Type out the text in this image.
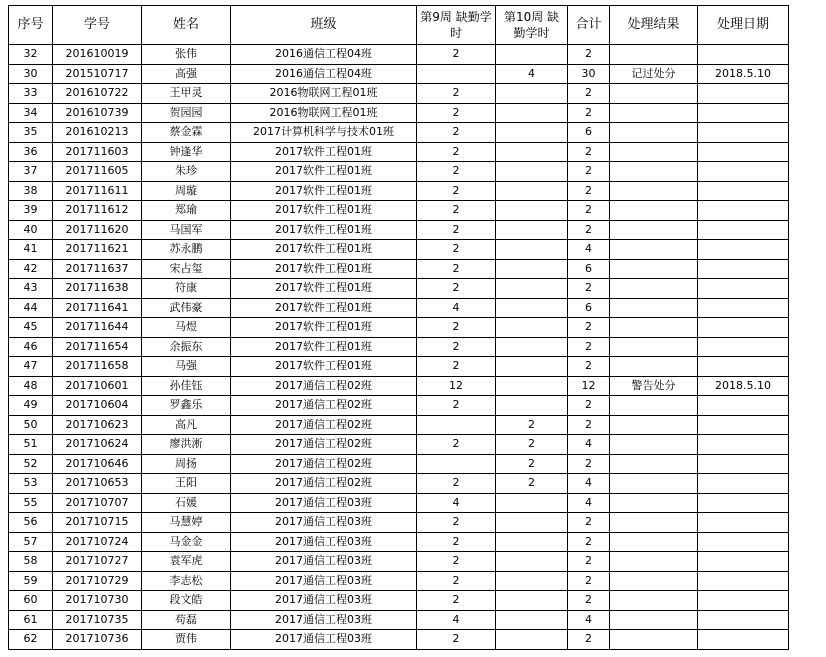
序号	学号	姓名	班级	第9周 缺勤学时	第10周 缺勤学时	合计	处理结果	处理日期
32	201610019	张伟	2016通信工程04班	2		2		
30	201510717	高强	2016通信工程04班		4	30	记过处分	2018.5.10
33	201610722	王甲灵	2016物联网工程01班	2		2		
34	201610739	贺园园	2016物联网工程01班	2		2		
35	201610213	蔡金霖	2017计算机科学与技术01班	2		6		
36	201711603	钟逢华	2017软件工程01班	2		2		
37	201711605	朱珍	2017软件工程01班	2		2		
38	201711611	周璇	2017软件工程01班	2		2		
39	201711612	郑瑜	2017软件工程01班	2		2		
40	201711620	马国军	2017软件工程01班	2		2		
41	201711621	苏永鹏	2017软件工程01班	2		4		
42	201711637	宋占玺	2017软件工程01班	2		6		
43	201711638	符康	2017软件工程01班	2		2		
44	201711641	武伟豪	2017软件工程01班	4		6		
45	201711644	马煜	2017软件工程01班	2		2		
46	201711654	余振东	2017软件工程01班	2		2		
47	201711658	马强	2017软件工程01班	2		2		
48	201710601	孙佳钰	2017通信工程02班	12		12	警告处分	2018.5.10
49	201710604	罗鑫乐	2017通信工程02班	2		2		
50	201710623	高凡	2017通信工程02班		2	2		
51	201710624	廖洪淅	2017通信工程02班	2	2	4		
52	201710646	周扬	2017通信工程02班		2	2		
53	201710653	王阳	2017通信工程02班	2	2	4		
55	201710707	石媛	2017通信工程03班	4		4		
56	201710715	马慧婷	2017通信工程03班	2		2		
57	201710724	马金金	2017通信工程03班	2		2		
58	201710727	袁军虎	2017通信工程03班	2		2		
59	201710729	李志松	2017通信工程03班	2		2		
60	201710730	段文皓	2017通信工程03班	2		2		
61	201710735	苟磊	2017通信工程03班	4		4		
62	201710736	贾伟	2017通信工程03班	2		2		
